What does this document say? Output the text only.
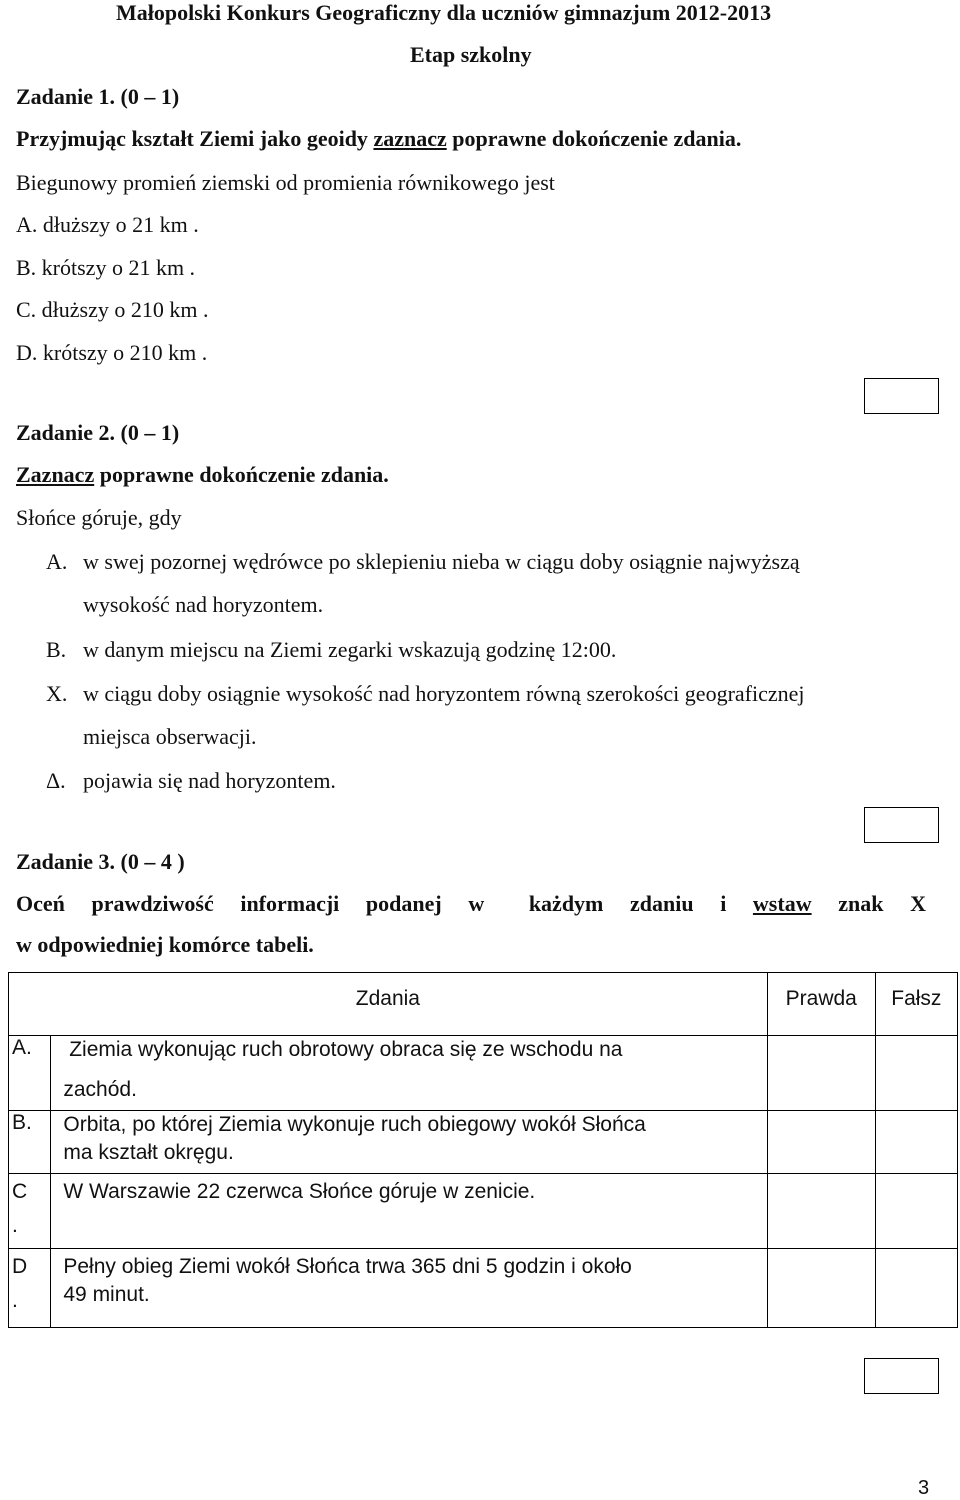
Małopolski Konkurs Geograficzny dla uczniów gimnazjum 2012-2013
Etap szkolny
Zadanie 1. (0 – 1)
Przyjmując kształt Ziemi jako geoidy zaznacz poprawne dokończenie zdania.
Biegunowy promień ziemski od promienia równikowego jest
A. dłuższy o 21 km .
B. krótszy o 21 km .
C. dłuższy o 210 km .
D. krótszy o 210 km .
Zadanie 2. (0 – 1)
Zaznacz poprawne dokończenie zdania.
Słońce góruje, gdy
A. w swej pozornej wędrówce po sklepieniu nieba w ciągu doby osiągnie najwyższą
wysokość nad horyzontem.
B. w danym miejscu na Ziemi zegarki wskazują godzinę 12:00.
X. w ciągu doby osiągnie wysokość nad horyzontem równą szerokości geograficznej
miejsca obserwacji.
Δ. pojawia się nad horyzontem.
Zadanie 3. (0 – 4 )
Oceń prawdziwość informacji podanej w każdym zdaniu i wstaw znak X
w odpowiedniej komórce tabeli.
Zdania		Prawda	Fałsz
A.	Ziemia wykonując ruch obrotowy obraca się ze wschodu na
zachód.		

B.	Orbita, po której Ziemia wykonuje ruch obiegowy wokół Słońca
ma kształt okręgu.		

C
.	W Warszawie 22 czerwca Słońce góruje w zenicie.		

D
.	Pełny obieg Ziemi wokół Słońca trwa 365 dni 5 godzin i około
49 minut.		

3
